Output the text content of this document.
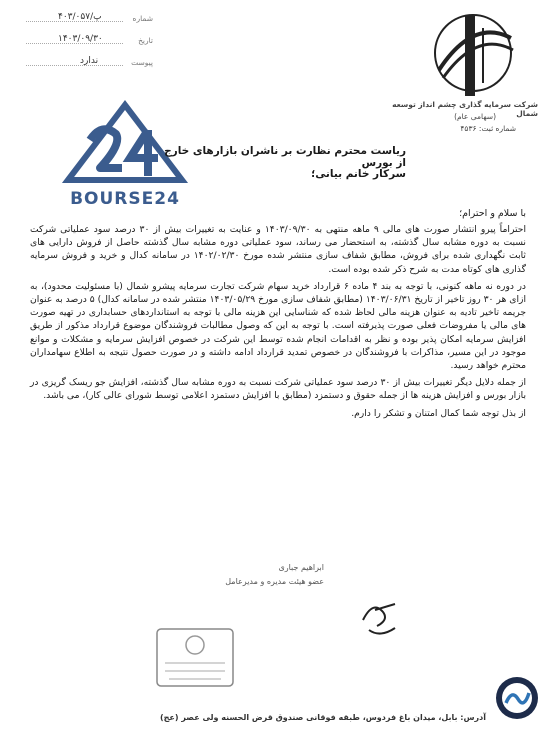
شماره
۴۰۳/پ/۰۵۷
تاریخ
۱۴۰۳/۰۹/۳۰
پیوست
ندارد
شرکت سرمایه گذاری چشم انداز توسعه شمال
(سهامی عام)
شماره ثبت: ۴۵۳۶
BOURSE24
ریاست محترم نظارت بر ناشران بازارهای خارج از بورس
سرکار خانم بیانی؛
با سلام و احترام؛

احتراماً پیرو انتشار صورت های مالی ۹ ماهه منتهی به ۱۴۰۳/۰۹/۳۰ و عنایت به تغییرات بیش از ۳۰ درصد سود عملیاتی شرکت نسبت به دوره مشابه سال گذشته، به استحضار می رساند، سود عملیاتی دوره مشابه سال گذشته حاصل از فروش دارایی های ثابت نگهداری شده برای فروش، مطابق شفاف سازی منتشر شده مورخ ۱۴۰۲/۰۲/۳۰ در سامانه کدال و خرید و فروش سرمایه گذاری های کوتاه مدت به شرح ذکر شده بوده است.

در دوره نه ماهه کنونی، با توجه به بند ۴ ماده ۶ قرارداد خرید سهام شرکت تجارت سرمایه پیشرو شمال (با مسئولیت محدود)، به ازای هر ۳۰ روز تاخیر از تاریخ ۱۴۰۳/۰۶/۳۱ (مطابق شفاف سازی مورخ ۱۴۰۳/۰۵/۲۹ منتشر شده در سامانه کدال) ۵ درصد به عنوان جریمه تاخیر تادیه به عنوان هزینه مالی لحاظ شده که شناسایی این هزینه مالی با توجه به استانداردهای حسابداری در تهیه صورت های مالی یا مفروضات فعلی صورت پذیرفته است. با توجه به این که وصول مطالبات فروشندگان موضوع قرارداد مذکور از طریق افزایش سرمایه امکان پذیر بوده و نظر به اقدامات انجام شده توسط این شرکت در خصوص افزایش سرمایه و مشکلات و موانع موجود در این مسیر، مذاکرات با فروشندگان در خصوص تمدید قرارداد ادامه داشته و در صورت حصول نتیجه به اطلاع سهامداران محترم خواهد رسید.

از جمله دلایل دیگر تغییرات بیش از ۳۰ درصد سود عملیاتی شرکت نسبت به دوره مشابه سال گذشته، افزایش جو ریسک گریزی در بازار بورس و افزایش هزینه ها از جمله حقوق و دستمزد (مطابق با افزایش دستمزد اعلامی توسط شورای عالی کار)، می باشد.

از بذل توجه شما کمال امتنان و تشکر را دارم.

ابراهیم جباری
عضو هیئت مدیره و مدیرعامل
آدرس: بابل، میدان باغ فردوس، طبقه فوقانی صندوق قرض الحسنه ولی عصر (عج)
